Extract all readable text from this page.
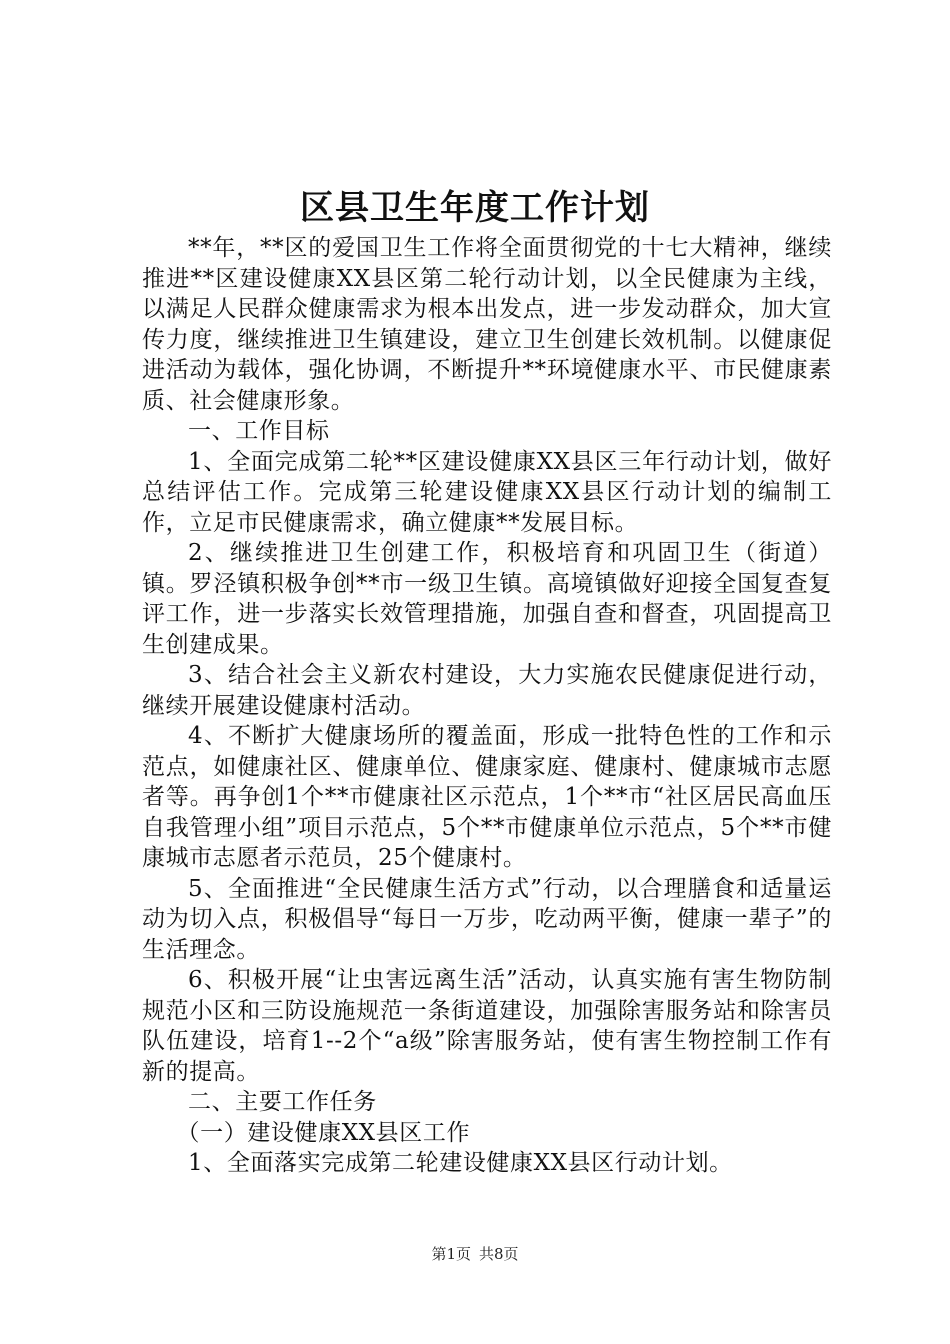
区县卫生年度工作计划

**年，**区的爱国卫生工作将全面贯彻党的十七大精神，继续推进**区建设健康XX县区第二轮行动计划，以全民健康为主线，以满足人民群众健康需求为根本出发点，进一步发动群众，加大宣传力度，继续推进卫生镇建设，建立卫生创建长效机制。以健康促进活动为载体，强化协调，不断提升**环境健康水平、市民健康素质、社会健康形象。

一、工作目标

1、全面完成第二轮**区建设健康XX县区三年行动计划，做好总结评估工作。完成第三轮建设健康XX县区行动计划的编制工作，立足市民健康需求，确立健康**发展目标。

2、继续推进卫生创建工作，积极培育和巩固卫生（街道）镇。罗泾镇积极争创**市一级卫生镇。高境镇做好迎接全国复查复评工作，进一步落实长效管理措施，加强自查和督查，巩固提高卫生创建成果。

3、结合社会主义新农村建设，大力实施农民健康促进行动，继续开展建设健康村活动。

4、不断扩大健康场所的覆盖面，形成一批特色性的工作和示范点，如健康社区、健康单位、健康家庭、健康村、健康城市志愿者等。再争创1个**市健康社区示范点，1个**市“社区居民高血压自我管理小组”项目示范点，5个**市健康单位示范点，5个**市健康城市志愿者示范员，25个健康村。

5、全面推进“全民健康生活方式”行动，以合理膳食和适量运动为切入点，积极倡导“每日一万步，吃动两平衡，健康一辈子”的生活理念。

6、积极开展“让虫害远离生活”活动，认真实施有害生物防制规范小区和三防设施规范一条街道建设，加强除害服务站和除害员队伍建设，培育1--2个“a级”除害服务站，使有害生物控制工作有新的提高。

二、主要工作任务

（一）建设健康XX县区工作

1、全面落实完成第二轮建设健康XX县区行动计划。

第1页 共8页
